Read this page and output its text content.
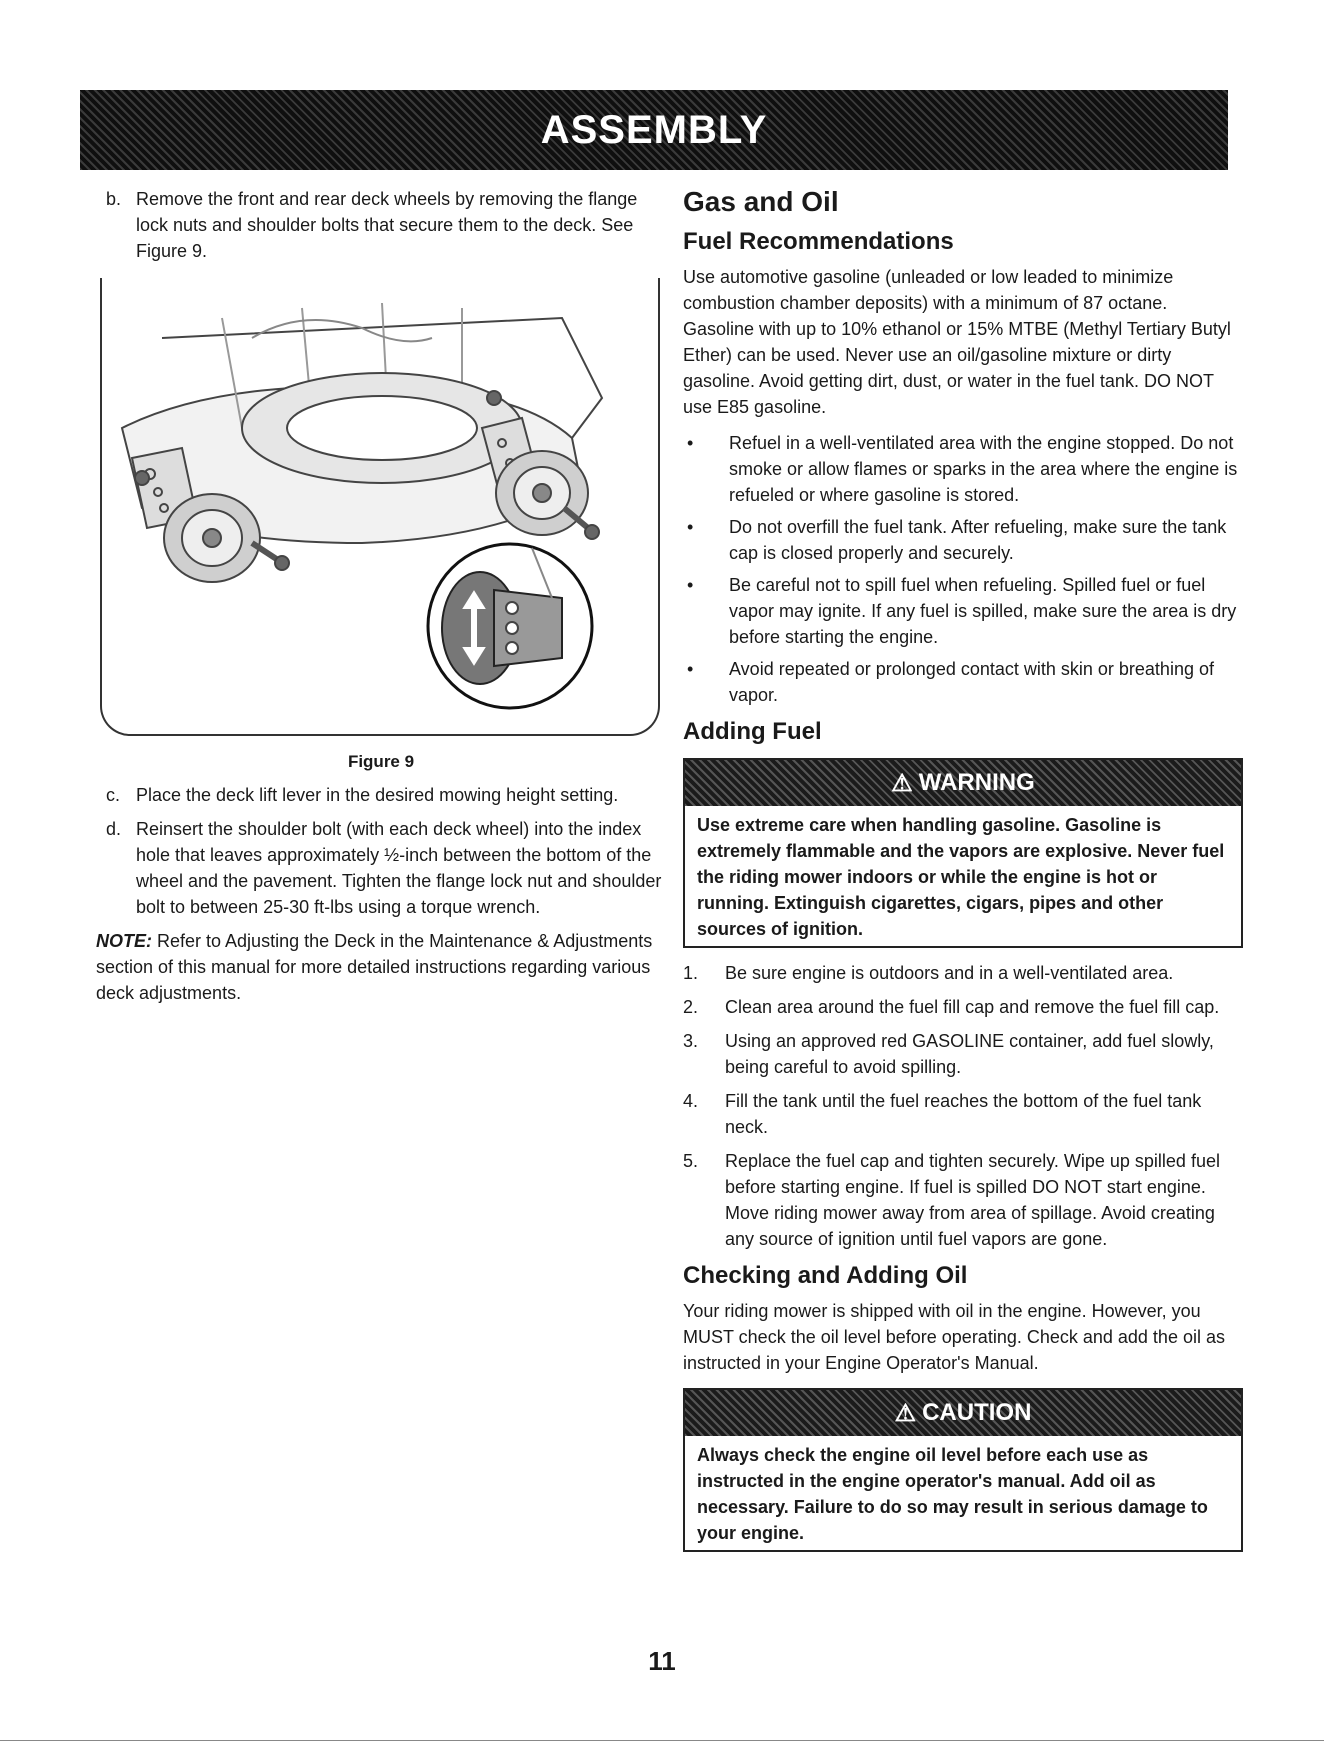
ASSEMBLY
b. Remove the front and rear deck wheels by removing the flange lock nuts and shoulder bolts that secure them to the deck. See Figure 9.
Figure 9
c. Place the deck lift lever in the desired mowing height setting.
d. Reinsert the shoulder bolt (with each deck wheel) into the index hole that leaves approximately ½-inch between the bottom of the wheel and the pavement. Tighten the flange lock nut and shoulder bolt to between 25-30 ft-lbs using a torque wrench.
NOTE: Refer to Adjusting the Deck in the Maintenance & Adjustments section of this manual for more detailed instructions regarding various deck adjustments.
Gas and Oil
Fuel Recommendations

Use automotive gasoline (unleaded or low leaded to minimize combustion chamber deposits) with a minimum of 87 octane. Gasoline with up to 10% ethanol or 15% MTBE (Methyl Tertiary Butyl Ether) can be used. Never use an oil/gasoline mixture or dirty gasoline. Avoid getting dirt, dust, or water in the fuel tank. DO NOT use E85 gasoline.

•	Refuel in a well-ventilated area with the engine stopped. Do not smoke or allow flames or sparks in the area where the engine is refueled or where gasoline is stored.
•	Do not overfill the fuel tank. After refueling, make sure the tank cap is closed properly and securely.
•	Be careful not to spill fuel when refueling. Spilled fuel or fuel vapor may ignite. If any fuel is spilled, make sure the area is dry before starting the engine.
•	Avoid repeated or prolonged contact with skin or breathing of vapor.
Adding Fuel
⚠ WARNING
Use extreme care when handling gasoline. Gasoline is extremely flammable and the vapors are explosive. Never fuel the riding mower indoors or while the engine is hot or running. Extinguish cigarettes, cigars, pipes and other sources of ignition.
1.	Be sure engine is outdoors and in a well-ventilated area.
2.	Clean area around the fuel fill cap and remove the fuel fill cap.
3.	Using an approved red GASOLINE container, add fuel slowly, being careful to avoid spilling.
4.	Fill the tank until the fuel reaches the bottom of the fuel tank neck.
5.	Replace the fuel cap and tighten securely. Wipe up spilled fuel before starting engine. If fuel is spilled DO NOT start engine. Move riding mower away from area of spillage. Avoid creating any source of ignition until fuel vapors are gone.
Checking and Adding Oil

Your riding mower is shipped with oil in the engine. However, you MUST check the oil level before operating. Check and add the oil as instructed in your Engine Operator's Manual.

⚠ CAUTION
Always check the engine oil level before each use as instructed in the engine operator's manual. Add oil as necessary. Failure to do so may result in serious damage to your engine.
11
